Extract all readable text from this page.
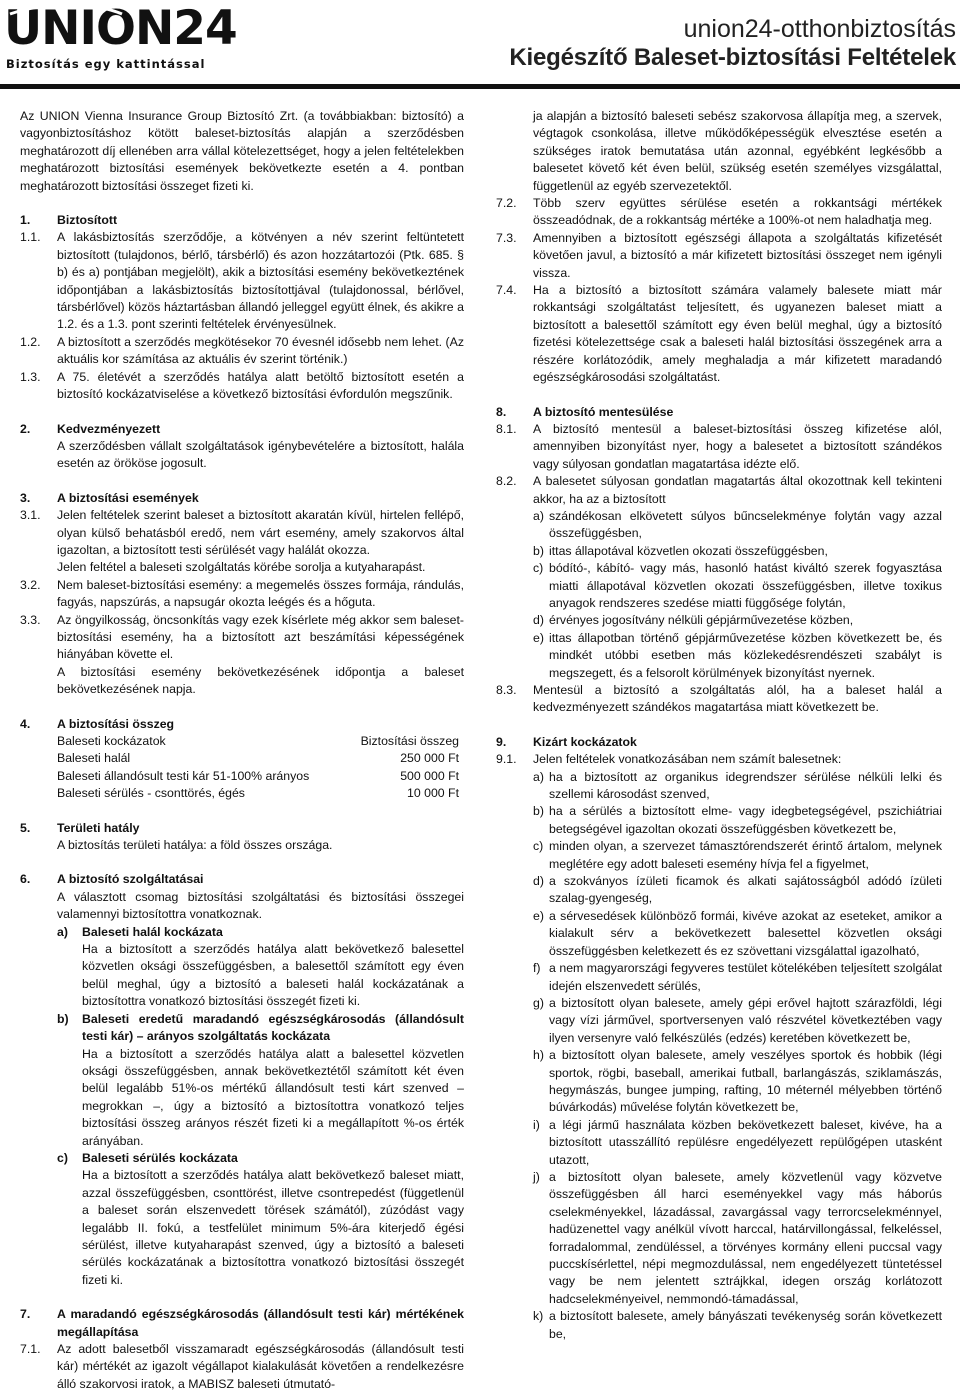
UNION24
Biztosítás egy kattintással
union24-otthonbiztosítás
Kiegészítő Baleset-biztosítási Feltételek

Az UNION Vienna Insurance Group Biztosító Zrt. (a továbbiakban: biztosító) a vagyonbiztosításhoz kötött baleset-biztosítás alapján a szerződésben meghatározott díj ellenében arra vállal kötelezettséget, hogy a jelen feltételekben meghatározott biztosítási események bekövetkezte esetén a 4. pontban meghatározott biztosítási összeget fizeti ki.

1.	Biztosított
1.1.	A lakásbiztosítás szerződője, a kötvényen a név szerint feltüntetett biztosított (tulajdonos, bérlő, társbérlő) és azon hozzátartozói (Ptk. 685. § b) és a) pontjában megjelölt), akik a biztosítási esemény bekövetkeztének időpontjában a lakásbiztosítás biztosítottjával (tulajdonossal, bérlővel, társbérlővel) közös háztartásban állandó jelleggel együtt élnek, és akikre a 1.2. és a 1.3. pont szerinti feltételek érvényesülnek.
1.2.	A biztosított a szerződés megkötésekor 70 évesnél idősebb nem lehet. (Az aktuális kor számítása az aktuális év szerint történik.)
1.3.	A 75. életévét a szerződés hatálya alatt betöltő biztosított esetén a biztosító kockázatviselése a következő biztosítási évfordulón megszűnik.
2.	Kedvezményezett

A szerződésben vállalt szolgáltatások igénybevételére a biztosított, halála esetén az örököse jogosult.

3.	A biztosítási események
3.1.	Jelen feltételek szerint baleset a biztosított akaratán kívül, hirtelen fellépő, olyan külső behatásból eredő, nem várt esemény, amely szakorvos által igazoltan, a biztosított testi sérülését vagy halálát okozza.

Jelen feltétel a baleseti szolgáltatás körébe sorolja a kutyaharapást.

3.2.	Nem baleset-biztosítási esemény: a megemelés összes formája, rándulás, fagyás, napszúrás, a napsugár okozta leégés és a hőguta.
3.3.	Az öngyilkosság, öncsonkítás vagy ezek kísérlete még akkor sem baleset-biztosítási esemény, ha a biztosított azt beszámítási képességének hiányában követte el.

A biztosítási esemény bekövetkezésének időpontja a baleset bekövetkezésének napja.

4.	A biztosítási összeg
Baleseti kockázatok	Biztosítási összeg
Baleseti halál	250 000 Ft
Baleseti állandósult testi kár 51-100% arányos	500 000 Ft
Baleseti sérülés - csonttörés, égés	10 000 Ft
5.	Területi hatály

A biztosítás területi hatálya: a föld összes országa.

6.	A biztosító szolgáltatásai

A választott csomag biztosítási szolgáltatási és biztosítási összegei valamennyi biztosítottra vonatkoznak.

a)	Baleseti halál kockázata

Ha a biztosított a szerződés hatálya alatt bekövetkező balesettel közvetlen oksági összefüggésben, a balesettől számított egy éven belül meghal, úgy a biztosító a baleseti halál kockázatának a biztosítottra vonatkozó biztosítási összegét fizeti ki.

b)	Baleseti eredetű maradandó egészségkárosodás (állandósult testi kár) – arányos szolgáltatás kockázata

Ha a biztosított a szerződés hatálya alatt a balesettel közvetlen oksági összefüggésben, annak bekövetkeztétől számított két éven belül legalább 51%-os mértékű állandósult testi kárt szenved – megrokkan –, úgy a biztosító a biztosítottra vonatkozó teljes biztosítási összeg arányos részét fizeti ki a megállapított %-os érték arányában.

c)	Baleseti sérülés kockázata

Ha a biztosított a szerződés hatálya alatt bekövetkező baleset miatt, azzal összefüggésben, csonttörést, illetve csontrepedést (függetlenül a baleset során elszenvedett törések számától), zúzódást vagy legalább II. fokú, a testfelület minimum 5%-ára kiterjedő égési sérülést, illetve kutyaharapást szenved, úgy a biztosító a baleseti sérülés kockázatának a biztosítottra vonatkozó biztosítási összegét fizeti ki.

7.	A maradandó egészségkárosodás (állandósult testi kár) mértékének megállapítása
7.1.	Az adott balesetből visszamaradt egészségkárosodás (állandósult testi kár) mértékét az igazolt végállapot kialakulását követően a rendelkezésre álló szakorvosi iratok, a MABISZ baleseti útmutató-

ja alapján a biztosító baleseti sebész szakorvosa állapítja meg, a szervek, végtagok csonkolása, illetve működőképességük elvesztése esetén a szükséges iratok bemutatása után azonnal, egyébként legkésőbb a balesetet követő két éven belül, szükség esetén személyes vizsgálattal, függetlenül az egyéb szervezetektől.

7.2.	Több szerv együttes sérülése esetén a rokkantsági mértékek összeadódnak, de a rokkantság mértéke a 100%-ot nem haladhatja meg.
7.3.	Amennyiben a biztosított egészségi állapota a szolgáltatás kifizetését követően javul, a biztosító a már kifizetett biztosítási összeget nem igényli vissza.
7.4.	Ha a biztosító a biztosított számára valamely balesete miatt már rokkantsági szolgáltatást teljesített, és ugyanezen baleset miatt a biztosított a balesettől számított egy éven belül meghal, úgy a biztosító fizetési kötelezettsége csak a baleseti halál biztosítási összegének arra a részére korlátozódik, amely meghaladja a már kifizetett maradandó egészségkárosodási szolgáltatást.
8.	A biztosító mentesülése
8.1.	A biztosító mentesül a baleset-biztosítási összeg kifizetése alól, amennyiben bizonyítást nyer, hogy a balesetet a biztosított szándékos vagy súlyosan gondatlan magatartása idézte elő.
8.2.	A balesetet súlyosan gondatlan magatartás által okozottnak kell tekinteni akkor, ha az a biztosított
a) szándékosan elkövetett súlyos bűncselekménye folytán vagy azzal összefüggésben,
b) ittas állapotával közvetlen okozati összefüggésben,
c) bódító-, kábító- vagy más, hasonló hatást kiváltó szerek fogyasztása miatti állapotával közvetlen okozati összefüggésben, illetve toxikus anyagok rendszeres szedése miatti függősége folytán,
d) érvényes jogosítvány nélküli gépjárművezetése közben,
e) ittas állapotban történő gépjárművezetése közben következett be, és mindkét utóbbi esetben más közlekedésrendészeti szabályt is megszegett, és a felsorolt körülmények bizonyítást nyernek.
8.3.	Mentesül a biztosító a szolgáltatás alól, ha a baleset halál a kedvezményezett szándékos magatartása miatt következett be.
9.	Kizárt kockázatok
9.1.	Jelen feltételek vonatkozásában nem számít balesetnek:
a) ha a biztosított az organikus idegrendszer sérülése nélküli lelki és szellemi károsodást szenved,
b) ha a sérülés a biztosított elme- vagy idegbetegségével, pszichiátriai betegségével igazoltan okozati összefüggésben következett be,
c) minden olyan, a szervezet támasztórendszerét érintő ártalom, melynek meglétére egy adott baleseti esemény hívja fel a figyelmet,
d) a szokványos ízületi ficamok és alkati sajátosságból adódó ízületi szalag-gyengeség,
e) a sérvesedések különböző formái, kivéve azokat az eseteket, amikor a kialakult sérv a bekövetkezett balesettel közvetlen oksági összefüggésben keletkezett és ez szövettani vizsgálattal igazolható,
f) a nem magyarországi fegyveres testület kötelékében teljesített szolgálat idején elszenvedett sérülés,
g) a biztosított olyan balesete, amely gépi erővel hajtott szárazföldi, légi vagy vízi járművel, sportversenyen való részvétel következtében vagy ilyen versenyre való felkészülés (edzés) keretében következett be,
h) a biztosított olyan balesete, amely veszélyes sportok és hobbik (légi sportok, rögbi, baseball, amerikai futball, barlangászás, sziklamászás, hegymászás, bungee jumping, rafting, 10 méternél mélyebben történő búvárkodás) művelése folytán következett be,
i) a légi jármű használata közben bekövetkezett baleset, kivéve, ha a biztosított utasszállító repülésre engedélyezett repülőgépen utasként utazott,
j) a biztosított olyan balesete, amely közvetlenül vagy közvetve összefüggésben áll harci eseményekkel vagy más háborús cselekményekkel, lázadással, zavargással vagy terrorcselekménnyel, hadüzenettel vagy anélkül vívott harccal, határvillongással, felkeléssel, forradalommal, zendüléssel, a törvényes kormány elleni puccsal vagy puccskísérlettel, népi megmozdulással, nem engedélyezett tüntetéssel vagy be nem jelentett sztrájkkal, idegen ország korlátozott hadcselekményeivel, nemmondó-támadással,
k) a biztosított balesete, amely bányászati tevékenység során következett be,
